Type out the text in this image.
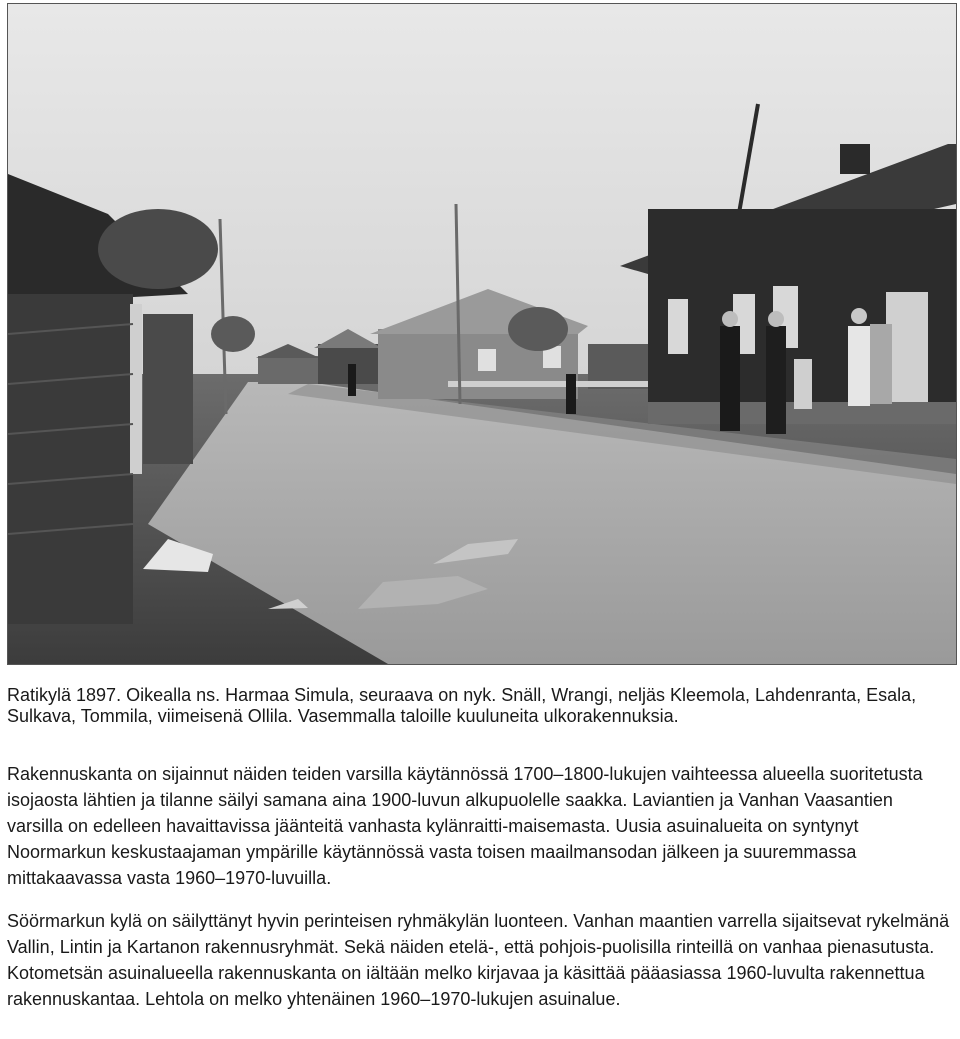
Ratikylä 1897. Oikealla ns. Harmaa Simula, seuraava on nyk. Snäll, Wrangi, neljäs Kleemola, Lahdenranta, Esala, Sulkava, Tommila, viimeisenä Ollila. Vasemmalla taloille kuuluneita ulkorakennuksia.

Rakennuskanta on sijainnut näiden teiden varsilla käytännössä 1700–1800-lukujen vaihteessa alueella suoritetusta isojaosta lähtien ja tilanne säilyi samana aina 1900-luvun alkupuolelle saakka. Laviantien ja Vanhan Vaasantien varsilla on edelleen havaittavissa jäänteitä vanhasta kylänraitti-maisemasta. Uusia asuinalueita on syntynyt Noormarkun keskustaajaman ympärille käytännössä vasta toisen maailmansodan jälkeen ja suuremmassa mittakaavassa vasta 1960–1970-luvuilla.

Söörmarkun kylä on säilyttänyt hyvin perinteisen ryhmäkylän luonteen. Vanhan maantien varrella sijaitsevat rykelmänä Vallin, Lintin ja Kartanon rakennusryhmät. Sekä näiden etelä-, että pohjois-puolisilla rinteillä on vanhaa pienasutusta. Kotometsän asuinalueella rakennuskanta on iältään melko kirjavaa ja käsittää pääasiassa 1960-luvulta rakennettua rakennuskantaa. Lehtola on melko yhtenäinen 1960–1970-lukujen asuinalue.
